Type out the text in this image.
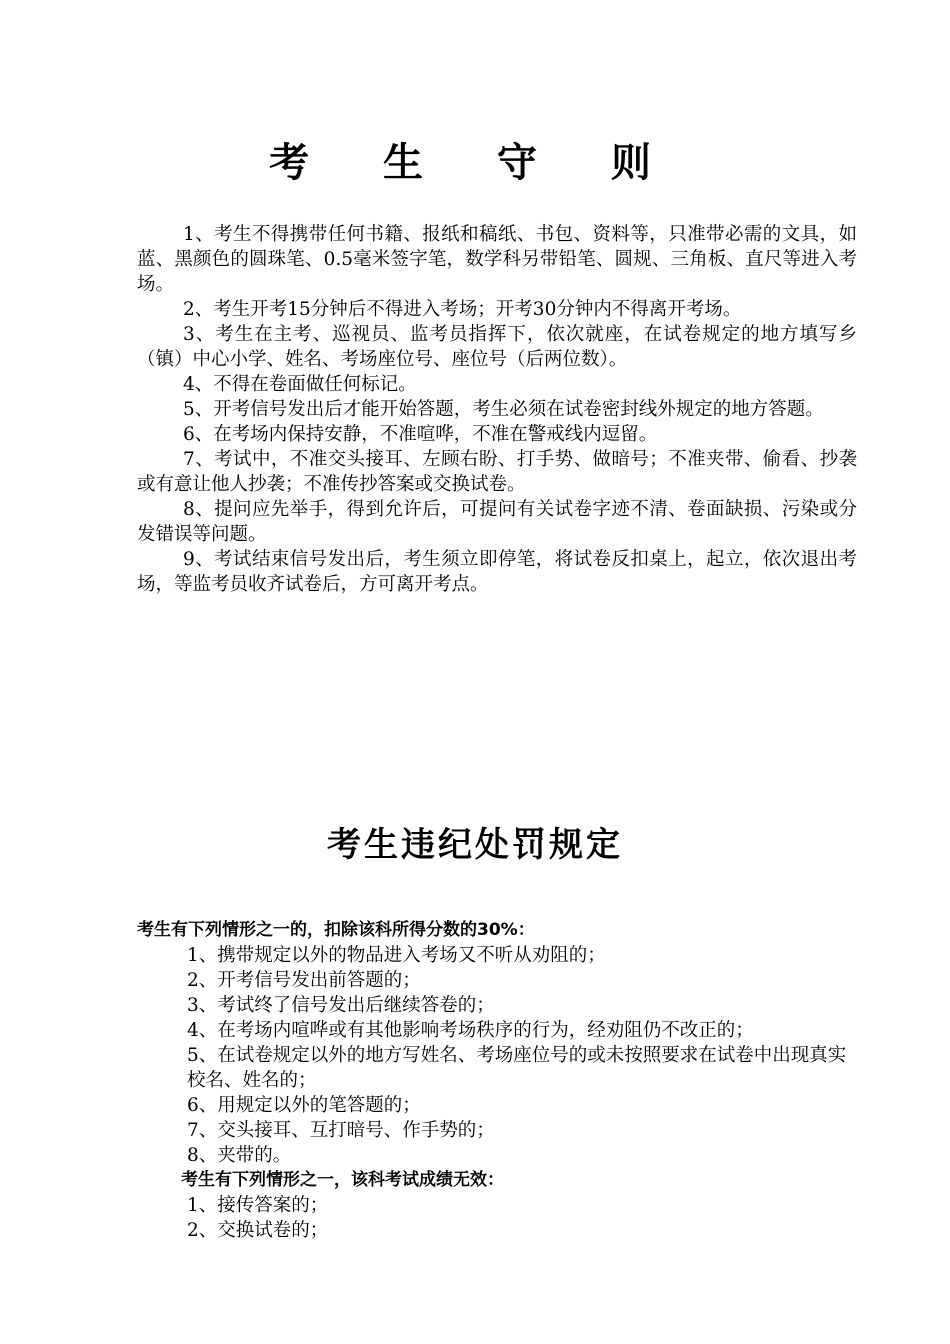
考 生 守 则

1、考生不得携带任何书籍、报纸和稿纸、书包、资料等，只准带必需的文具，如蓝、黑颜色的圆珠笔、0.5毫米签字笔，数学科另带铅笔、圆规、三角板、直尺等进入考场。

2、考生开考15分钟后不得进入考场；开考30分钟内不得离开考场。

3、考生在主考、巡视员、监考员指挥下，依次就座，在试卷规定的地方填写乡（镇）中心小学、姓名、考场座位号、座位号（后两位数）。

4、不得在卷面做任何标记。

5、开考信号发出后才能开始答题，考生必须在试卷密封线外规定的地方答题。

6、在考场内保持安静，不准喧哗，不准在警戒线内逗留。

7、考试中，不准交头接耳、左顾右盼、打手势、做暗号；不准夹带、偷看、抄袭或有意让他人抄袭；不准传抄答案或交换试卷。

8、提问应先举手，得到允许后，可提问有关试卷字迹不清、卷面缺损、污染或分发错误等问题。

9、考试结束信号发出后，考生须立即停笔，将试卷反扣桌上，起立，依次退出考场，等监考员收齐试卷后，方可离开考点。

考生违纪处罚规定

考生有下列情形之一的，扣除该科所得分数的30%：

1、携带规定以外的物品进入考场又不听从劝阻的；

2、开考信号发出前答题的；

3、考试终了信号发出后继续答卷的；

4、在考场内喧哗或有其他影响考场秩序的行为，经劝阻仍不改正的；

5、在试卷规定以外的地方写姓名、考场座位号的或未按照要求在试卷中出现真实校名、姓名的；

6、用规定以外的笔答题的；

7、交头接耳、互打暗号、作手势的；

8、夹带的。

考生有下列情形之一，该科考试成绩无效：

1、接传答案的；

2、交换试卷的；
